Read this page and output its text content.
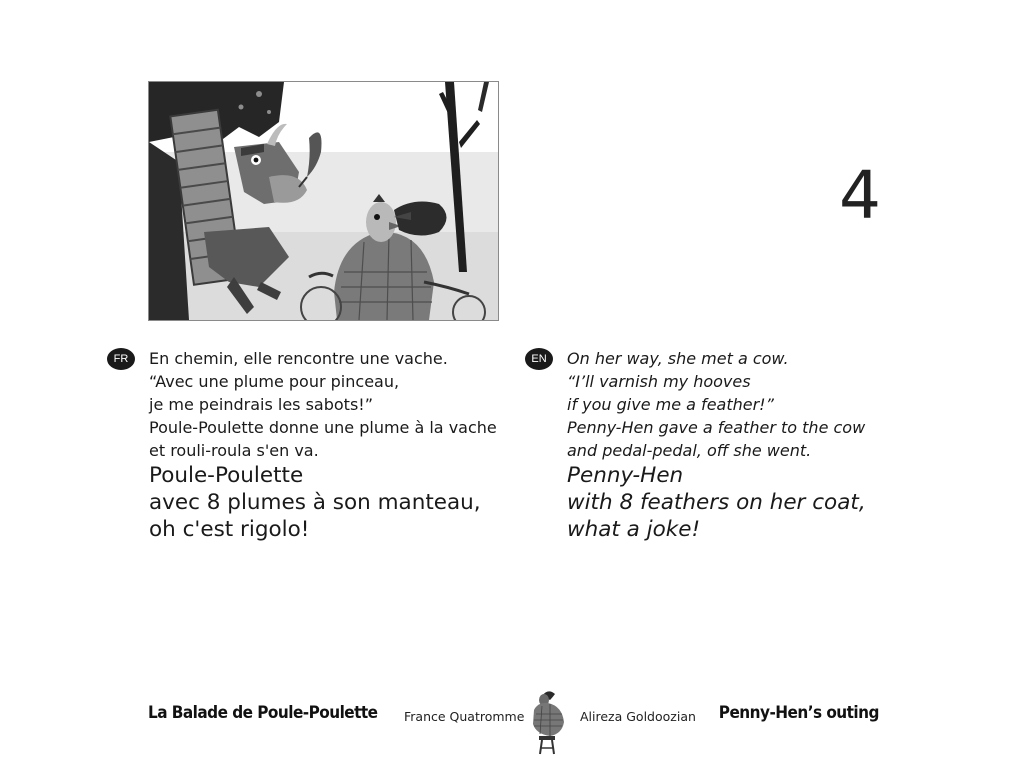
4
FR	En chemin, elle rencontre une vache.
“Avec une plume pour pinceau,
je me peindrais les sabots!”
Poule-Poulette donne une plume à la vache
et rouli-roula s'en va.
Poule-Poulette
avec 8 plumes à son manteau,
oh c'est rigolo!
EN	On her way, she met a cow.
“I’ll varnish my hooves
if you give me a feather!”
Penny-Hen gave a feather to the cow
and pedal-pedal, off she went.
Penny-Hen
with 8 feathers on her coat,
what a joke!
La Balade de Poule-Poulette France Quatromme	Alireza Goldoozian Penny-Hen’s outing
